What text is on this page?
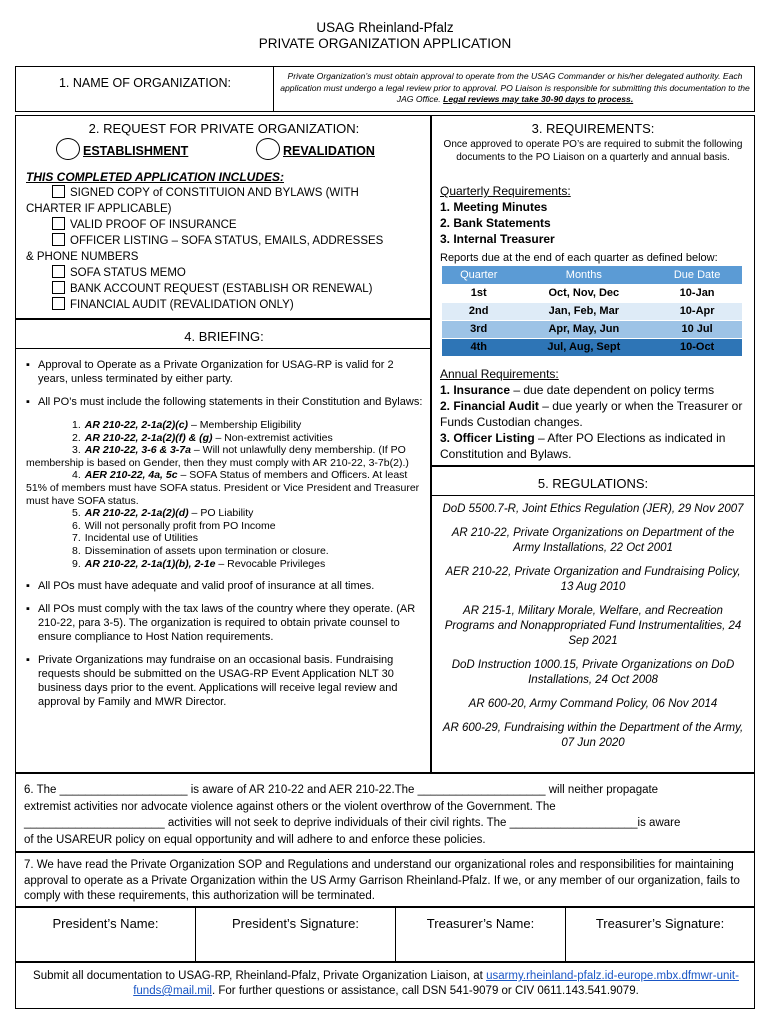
USAG Rheinland-Pfalz
PRIVATE ORGANIZATION APPLICATION
1. NAME OF ORGANIZATION:	Private Organization’s must obtain approval to operate from the USAG Commander or his/her delegated authority. Each application must undergo a legal review prior to approval. PO Liaison is responsible for submitting this documentation to the JAG Office. Legal reviews may take 30-90 days to process.
2. REQUEST FOR PRIVATE ORGANIZATION:
ESTABLISHMENT	REVALIDATION
THIS COMPLETED APPLICATION INCLUDES:
SIGNED COPY of CONSTITUION AND BYLAWS (WITH
CHARTER IF APPLICABLE)
VALID PROOF OF INSURANCE
OFFICER LISTING – SOFA STATUS, EMAILS, ADDRESSES
& PHONE NUMBERS
SOFA STATUS MEMO
BANK ACCOUNT REQUEST (ESTABLISH OR RENEWAL)
FINANCIAL AUDIT (REVALIDATION ONLY)
4. BRIEFING:
▪ Approval to Operate as a Private Organization for USAG-RP is valid for 2 years, unless terminated by either party.
▪ All PO’s must include the following statements in their Constitution and Bylaws:
1. AR 210-22, 2-1a(2)(c) – Membership Eligibility
2. AR 210-22, 2-1a(2)(f) & (g) – Non-extremist activities
3. AR 210-22, 3-6 & 3-7a – Will not unlawfully deny membership. (If PO membership is based on Gender, then they must comply with AR 210-22, 3-7b(2).)
4. AER 210-22, 4a, 5c – SOFA Status of members and Officers. At least 51% of members must have SOFA status. President or Vice President and Treasurer must have SOFA status.
5. AR 210-22, 2-1a(2)(d) – PO Liability
6. Will not personally profit from PO Income
7. Incidental use of Utilities
8. Dissemination of assets upon termination or closure.
9. AR 210-22, 2-1a(1)(b), 2-1e – Revocable Privileges
▪ All POs must have adequate and valid proof of insurance at all times.
▪ All POs must comply with the tax laws of the country where they operate. (AR 210-22, para 3-5). The organization is required to obtain private counsel to ensure compliance to Host Nation requirements.
▪ Private Organizations may fundraise on an occasional basis. Fundraising requests should be submitted on the USAG-RP Event Application NLT 30 business days prior to the event. Applications will receive legal review and approval by Family and MWR Director.
3. REQUIREMENTS:
Once approved to operate PO’s are required to submit the following documents to the PO Liaison on a quarterly and annual basis.
Quarterly Requirements:
1. Meeting Minutes
2. Bank Statements
3. Internal Treasurer
Reports due at the end of each quarter as defined below:
Quarter	Months	Due Date
1st	Oct, Nov, Dec	10-Jan
2nd	Jan, Feb, Mar	10-Apr
3rd	Apr, May, Jun	10 Jul
4th	Jul, Aug, Sept	10-Oct
Annual Requirements:
1. Insurance – due date dependent on policy terms
2. Financial Audit – due yearly or when the Treasurer or Funds Custodian changes.
3. Officer Listing – After PO Elections as indicated in Constitution and Bylaws.
5. REGULATIONS:
DoD 5500.7-R, Joint Ethics Regulation (JER), 29 Nov 2007
AR 210-22, Private Organizations on Department of the Army Installations, 22 Oct 2001
AER 210-22, Private Organization and Fundraising Policy, 13 Aug 2010
AR 215-1, Military Morale, Welfare, and Recreation Programs and Nonappropriated Fund Instrumentalities, 24 Sep 2021
DoD Instruction 1000.15, Private Organizations on DoD Installations, 24 Oct 2008
AR 600-20, Army Command Policy, 06 Nov 2014
AR 600-29, Fundraising within the Department of the Army, 07 Jun 2020
6. The ____________________ is aware of AR 210-22 and AER 210-22.The ____________________ will neither propagate
extremist activities nor advocate violence against others or the violent overthrow of the Government. The
______________________ activities will not seek to deprive individuals of their civil rights. The ____________________is aware
of the USAREUR policy on equal opportunity and will adhere to and enforce these policies.
7. We have read the Private Organization SOP and Regulations and understand our organizational roles and responsibilities for maintaining approval to operate as a Private Organization within the US Army Garrison Rheinland-Pfalz. If we, or any member of our organization, fails to comply with these requirements, this authorization will be terminated.
President’s Name:	President’s Signature:	Treasurer’s Name:	Treasurer’s Signature:
Submit all documentation to USAG-RP, Rheinland-Pfalz, Private Organization Liaison, at usarmy.rheinland-pfalz.id-europe.mbx.dfmwr-unit-funds@mail.mil. For further questions or assistance, call DSN 541-9079 or CIV 0611.143.541.9079.
